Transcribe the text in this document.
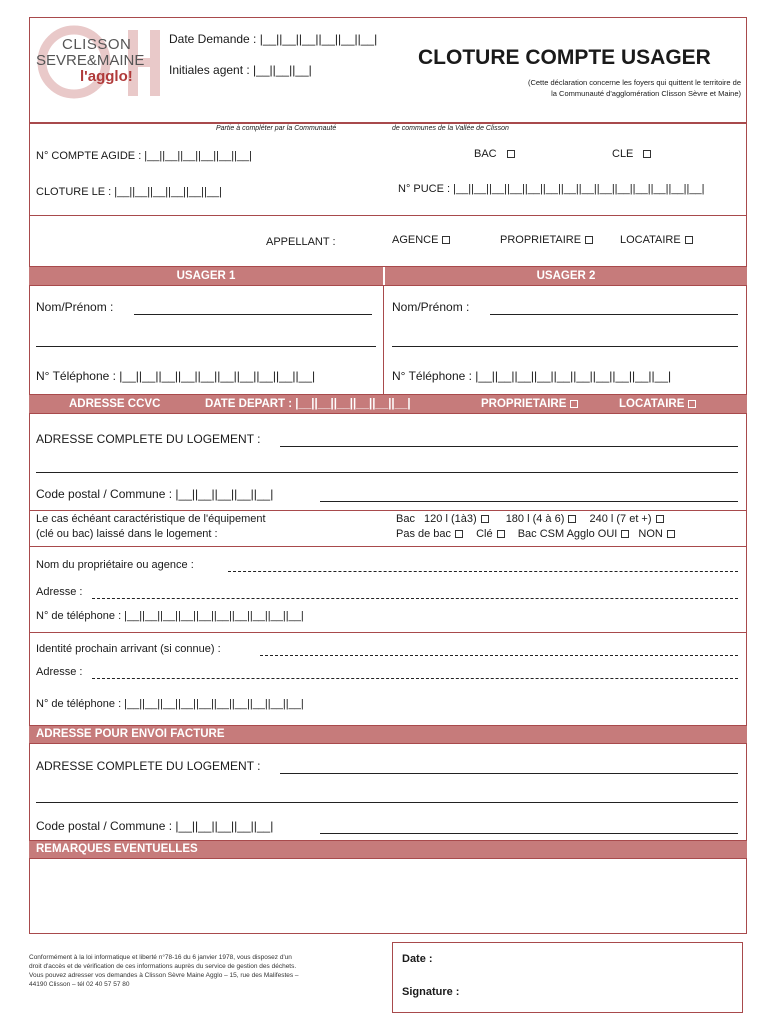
CLISSON
SEVRE&MAINE
l'agglo!
Date Demande : |__||__||__||__||__||__|
Initiales agent : |__||__||__|
CLOTURE COMPTE USAGER
(Cette déclaration concerne les foyers qui quittent le territoire de
la Communauté d'agglomération Clisson Sèvre et Maine)
Partie à compléter par la Communauté	de communes de la Vallée de Clisson
N° COMPTE AGIDE : |__||__||__||__||__||__|	BAC	CLE
CLOTURE LE : |__||__||__||__||__||__|	N° PUCE : |__||__||__||__||__||__||__||__||__||__||__||__||__||__|
APPELLANT :	AGENCE	PROPRIETAIRE	LOCATAIRE
USAGER 1	USAGER 2
Nom/Prénom :
N° Téléphone : |__||__||__||__||__||__||__||__||__||__|
Nom/Prénom :
N° Téléphone : |__||__||__||__||__||__||__||__||__||__|
ADRESSE CCVC	DATE DEPART : |__||__||__||__||__||__|	PROPRIETAIRE	LOCATAIRE
ADRESSE COMPLETE DU LOGEMENT :
Code postal / Commune : |__||__||__||__||__|
Le cas échéant caractéristique de l'équipement
(clé ou bac) laissé dans le logement :
Bac 120 l (1à3)	180 l (4 à 6) 240 l (7 et +)
Pas de bac Clé Bac CSM Agglo OUI NON
Nom du propriétaire ou agence :
Adresse :
N° de téléphone : |__||__||__||__||__||__||__||__||__||__|
Identité prochain arrivant (si connue) :
Adresse :
N° de téléphone : |__||__||__||__||__||__||__||__||__||__|
ADRESSE POUR ENVOI FACTURE
ADRESSE COMPLETE DU LOGEMENT :
Code postal / Commune : |__||__||__||__||__|
REMARQUES EVENTUELLES
Conformément à la loi informatique et liberté n°78-16 du 6 janvier 1978, vous disposez d'un
droit d'accès et de vérification de ces informations auprès du service de gestion des déchets.
Vous pouvez adresser vos demandes à Clisson Sèvre Maine Agglo – 15, rue des Malifestes –
44190 Clisson – tél 02 40 57 57 80
Date :
Signature :
